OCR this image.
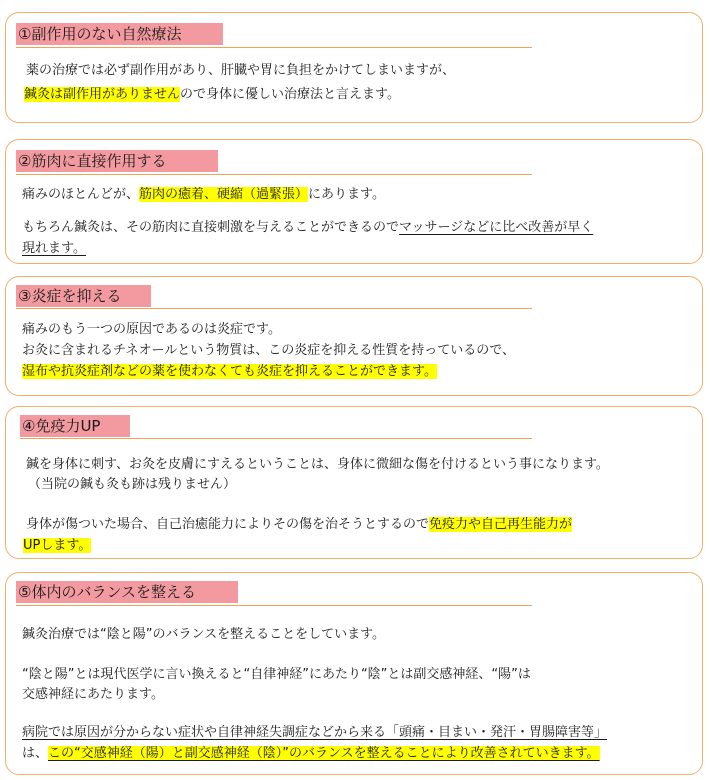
①副作用のない自然療法
薬の治療では必ず副作用があり、肝臓や胃に負担をかけてしまいますが、
鍼灸は副作用がありませんので身体に優しい治療法と言えます。
②筋肉に直接作用する
痛みのほとんどが、筋肉の癒着、硬縮（過緊張）にあります。
もちろん鍼灸は、その筋肉に直接刺激を与えることができるのでマッサージなどに比べ改善が早く
現れます。
③炎症を抑える
痛みのもう一つの原因であるのは炎症です。
お灸に含まれるチネオールという物質は、この炎症を抑える性質を持っているので、
湿布や抗炎症剤などの薬を使わなくても炎症を抑えることができます。
④免疫力UP
鍼を身体に刺す、お灸を皮膚にすえるということは、身体に微細な傷を付けるという事になります。
（当院の鍼も灸も跡は残りません）
身体が傷ついた場合、自己治癒能力によりその傷を治そうとするので免疫力や自己再生能力が
UPします。
⑤体内のバランスを整える
鍼灸治療では“陰と陽”のバランスを整えることをしています。
“陰と陽”とは現代医学に言い換えると“自律神経”にあたり“陰”とは副交感神経、“陽”は
交感神経にあたります。
病院では原因が分からない症状や自律神経失調症などから来る「頭痛・目まい・発汗・胃腸障害等」
は、この“交感神経（陽）と副交感神経（陰）”のバランスを整えることにより改善されていきます。
